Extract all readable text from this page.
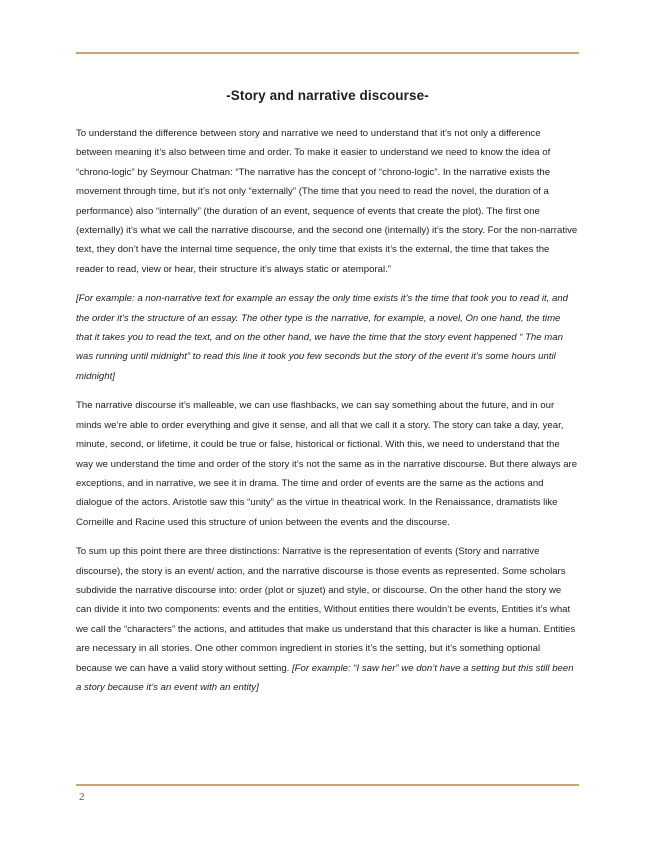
-Story and narrative discourse-

To understand the difference between story and narrative we need to understand that it’s not only a difference between meaning it’s also between time and order. To make it easier to understand we need to know the idea of “chrono-logic” by Seymour Chatman: “The narrative has the concept of “chrono-logic”. In the narrative exists the movement through time, but it’s not only “externally” (The time that you need to read the novel, the duration of a performance) also “internally” (the duration of an event, sequence of events that create the plot). The first one (externally) it’s what we call the narrative discourse, and the second one (internally) it’s the story. For the non-narrative text, they don’t have the internal time sequence, the only time that exists it’s the external, the time that takes the reader to read, view or hear, their structure it’s always static or atemporal.”

[For example: a non-narrative text for example an essay the only time exists it’s the time that took you to read it, and the order it’s the structure of an essay. The other type is the narrative, for example, a novel, On one hand, the time that it takes you to read the text, and on the other hand, we have the time that the story event happened “ The man was running until midnight” to read this line it took you few seconds but the story of the event it’s some hours until midnight]

The narrative discourse it’s malleable, we can use flashbacks, we can say something about the future, and in our minds we’re able to order everything and give it sense, and all that we call it a story. The story can take a day, year, minute, second, or lifetime, it could be true or false, historical or fictional. With this, we need to understand that the way we understand the time and order of the story it’s not the same as in the narrative discourse. But there always are exceptions, and in narrative, we see it in drama. The time and order of events are the same as the actions and dialogue of the actors. Aristotle saw this “unity” as the virtue in theatrical work. In the Renaissance, dramatists like Corneille and Racine used this structure of union between the events and the discourse.

To sum up this point there are three distinctions: Narrative is the representation of events (Story and narrative discourse), the story is an event/ action, and the narrative discourse is those events as represented. Some scholars subdivide the narrative discourse into: order (plot or sjuzet) and style, or discourse. On the other hand the story we can divide it into two components: events and the entities, Without entities there wouldn’t be events, Entities it’s what we call the “characters” the actions, and attitudes that make us understand that this character is like a human. Entities are necessary in all stories. One other common ingredient in stories it’s the setting, but it’s something optional because we can have a valid story without setting. [For example: “I saw her” we don’t have a setting but this still been a story because it’s an event with an entity]

2
